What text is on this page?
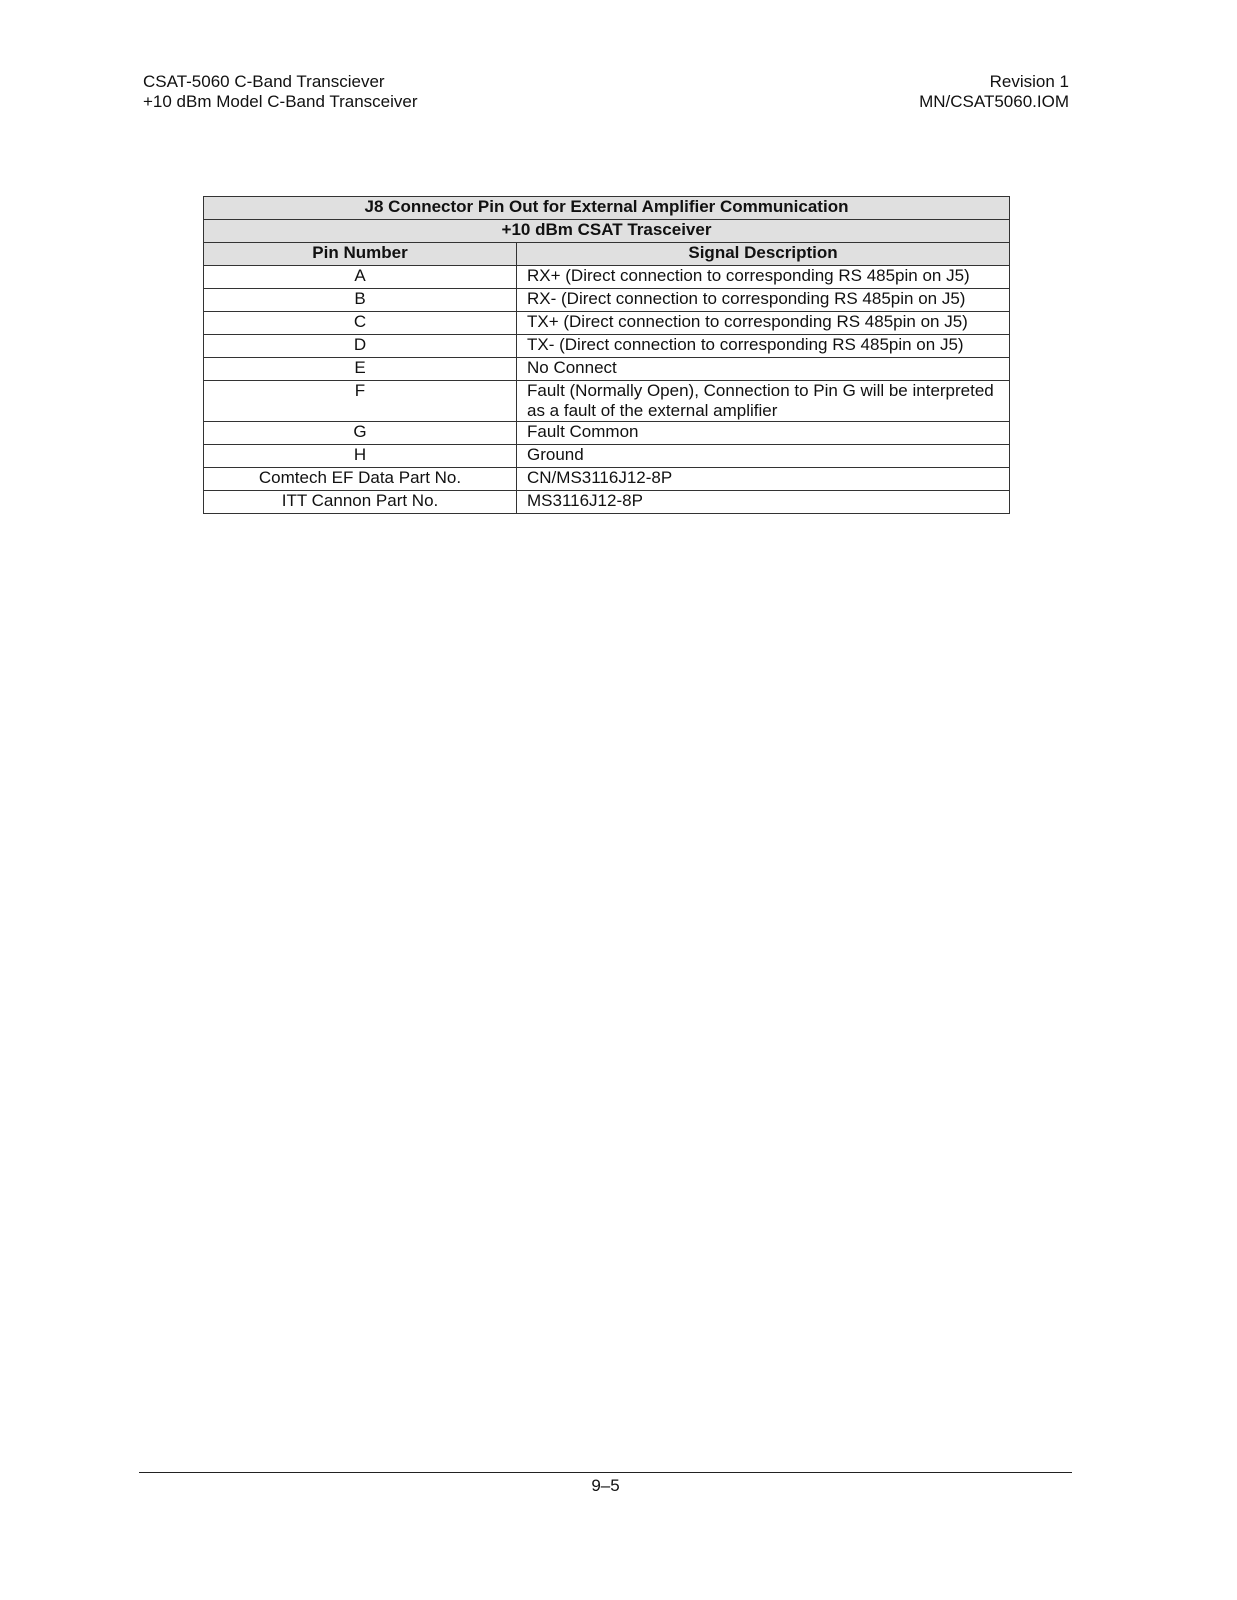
CSAT-5060 C-Band Transciever
+10 dBm Model C-Band Transceiver
Revision 1
MN/CSAT5060.IOM
J8 Connector Pin Out for External Amplifier Communication	
+10 dBm CSAT Trasceiver	
Pin Number	Signal Description
A	RX+ (Direct connection to corresponding RS 485pin on J5)
B	RX- (Direct connection to corresponding RS 485pin on J5)
C	TX+ (Direct connection to corresponding RS 485pin on J5)
D	TX- (Direct connection to corresponding RS 485pin on J5)
E	No Connect
F	Fault (Normally Open), Connection to Pin G will be interpreted as a fault of the external amplifier
G	Fault Common
H	Ground
Comtech EF Data Part No.	CN/MS3116J12-8P
ITT Cannon Part No.	MS3116J12-8P
9–5
